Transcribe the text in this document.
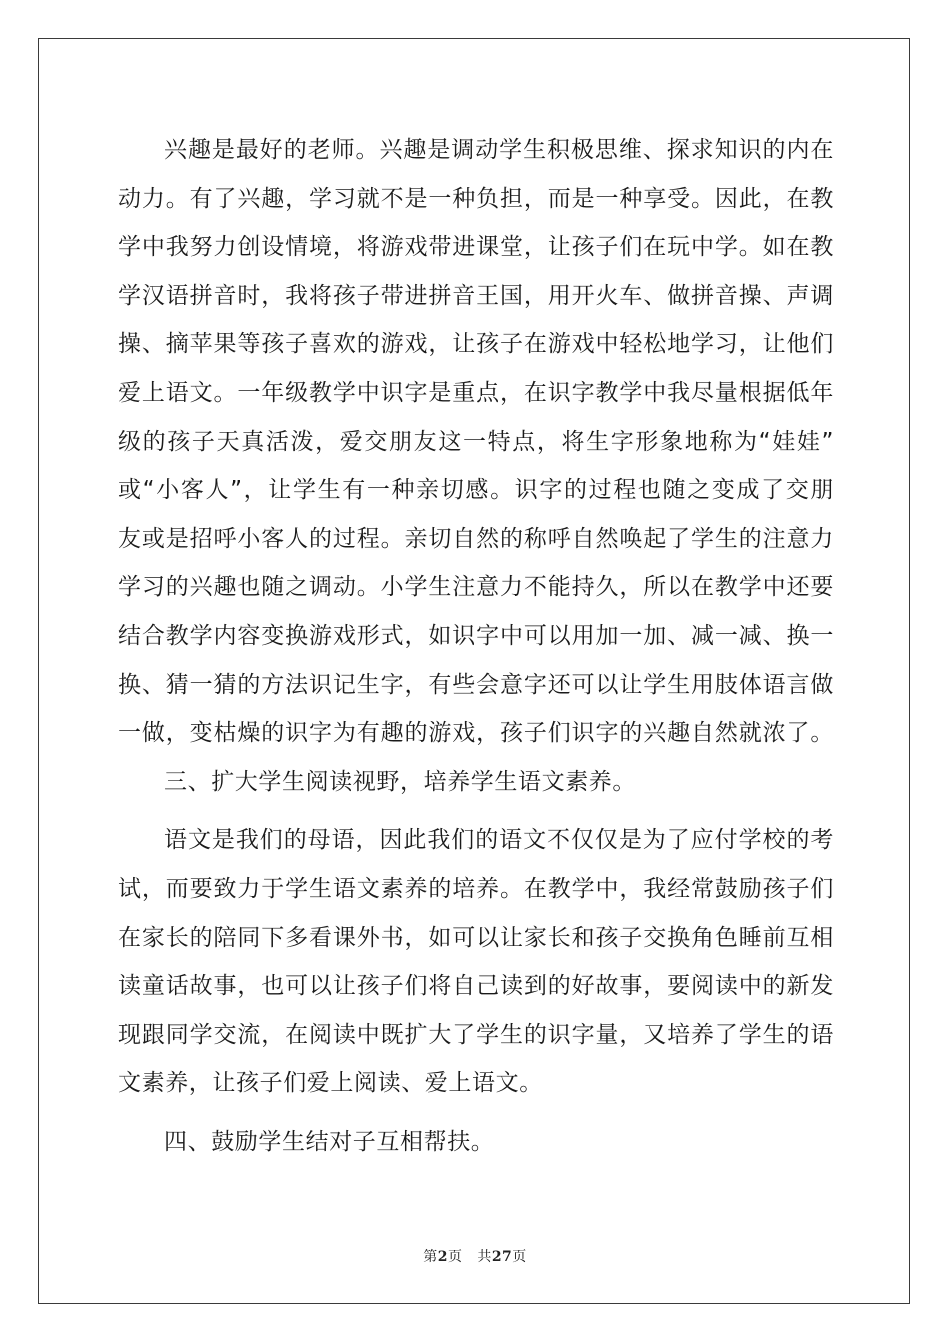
兴趣是最好的老师。兴趣是调动学生积极思维、探求知识的内在
动力。有了兴趣，学习就不是一种负担，而是一种享受。因此，在教
学中我努力创设情境，将游戏带进课堂，让孩子们在玩中学。如在教
学汉语拼音时，我将孩子带进拼音王国，用开火车、做拼音操、声调
操、摘苹果等孩子喜欢的游戏，让孩子在游戏中轻松地学习，让他们
爱上语文。一年级教学中识字是重点，在识字教学中我尽量根据低年
级的孩子天真活泼，爱交朋友这一特点，将生字形象地称为“娃娃”
或“小客人”，让学生有一种亲切感。识字的过程也随之变成了交朋
友或是招呼小客人的过程。亲切自然的称呼自然唤起了学生的注意力
学习的兴趣也随之调动。小学生注意力不能持久，所以在教学中还要
结合教学内容变换游戏形式，如识字中可以用加一加、减一减、换一
换、猜一猜的方法识记生字，有些会意字还可以让学生用肢体语言做
一做，变枯燥的识字为有趣的游戏，孩子们识字的兴趣自然就浓了。
三、扩大学生阅读视野，培养学生语文素养。
语文是我们的母语，因此我们的语文不仅仅是为了应付学校的考
试，而要致力于学生语文素养的培养。在教学中，我经常鼓励孩子们
在家长的陪同下多看课外书，如可以让家长和孩子交换角色睡前互相
读童话故事，也可以让孩子们将自己读到的好故事，要阅读中的新发
现跟同学交流，在阅读中既扩大了学生的识字量，又培养了学生的语
文素养，让孩子们爱上阅读、爱上语文。
四、鼓励学生结对子互相帮扶。
第2页 共27页
